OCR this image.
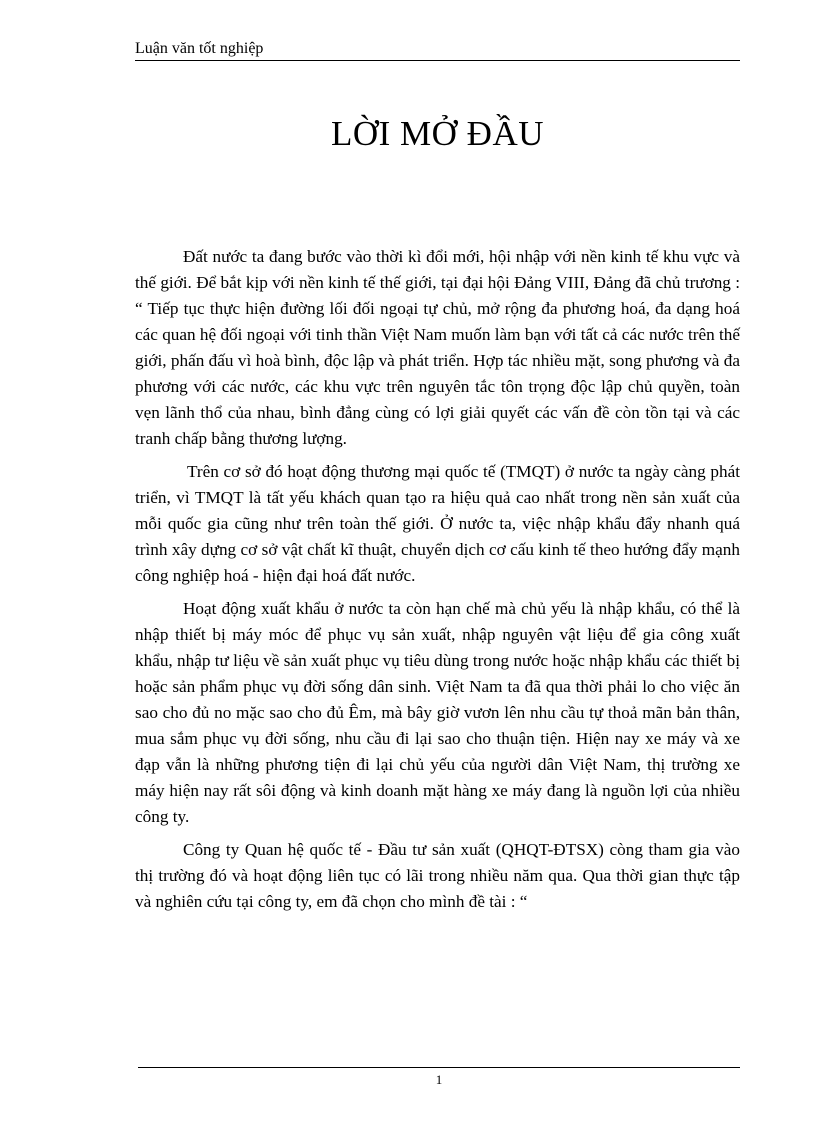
Luận văn tốt nghiệp
LỜI MỞ ĐẦU

Đất nước ta đang bước vào thời kì đổi mới, hội nhập với nền kinh tế khu vực và thế giới. Để bắt kịp với nền kinh tế thế giới, tại đại hội Đảng VIII, Đảng đã chủ trương : “ Tiếp tục thực hiện đường lối đối ngoại tự chủ, mở rộng đa phương hoá, đa dạng hoá các quan hệ đối ngoại với tinh thần Việt Nam muốn làm bạn với tất cả các nước trên thế giới, phấn đấu vì hoà bình, độc lập và phát triển. Hợp tác nhiều mặt, song phương và đa phương với các nước, các khu vực trên nguyên tắc tôn trọng độc lập chủ quyền, toàn vẹn lãnh thổ của nhau, bình đẳng cùng có lợi giải quyết các vấn đề còn tồn tại và các tranh chấp bằng thương lượng.

Trên cơ sở đó hoạt động thương mại quốc tế (TMQT) ở nước ta ngày càng phát triển, vì TMQT là tất yếu khách quan tạo ra hiệu quả cao nhất trong nền sản xuất của mỗi quốc gia cũng như trên toàn thế giới. Ở nước ta, việc nhập khẩu đẩy nhanh quá trình xây dựng cơ sở vật chất kĩ thuật, chuyển dịch cơ cấu kinh tế theo hướng đẩy mạnh công nghiệp hoá - hiện đại hoá đất nước.

Hoạt động xuất khẩu ở nước ta còn hạn chế mà chủ yếu là nhập khẩu, có thể là nhập thiết bị máy móc để phục vụ sản xuất, nhập nguyên vật liệu để gia công xuất khẩu, nhập tư liệu về sản xuất phục vụ tiêu dùng trong nước hoặc nhập khẩu các thiết bị hoặc sản phẩm phục vụ đời sống dân sinh. Việt Nam ta đã qua thời phải lo cho việc ăn sao cho đủ no mặc sao cho đủ Êm, mà bây giờ vươn lên nhu cầu tự thoả mãn bản thân, mua sắm phục vụ đời sống, nhu cầu đi lại sao cho thuận tiện. Hiện nay xe máy và xe đạp vẫn là những phương tiện đi lại chủ yếu của người dân Việt Nam, thị trường xe máy hiện nay rất sôi động và kinh doanh mặt hàng xe máy đang là nguồn lợi của nhiều công ty.

Công ty Quan hệ quốc tế - Đầu tư sản xuất (QHQT-ĐTSX) còng tham gia vào thị trường đó và hoạt động liên tục có lãi trong nhiều năm qua. Qua thời gian thực tập và nghiên cứu tại công ty, em đã chọn cho mình đề tài : “

1
